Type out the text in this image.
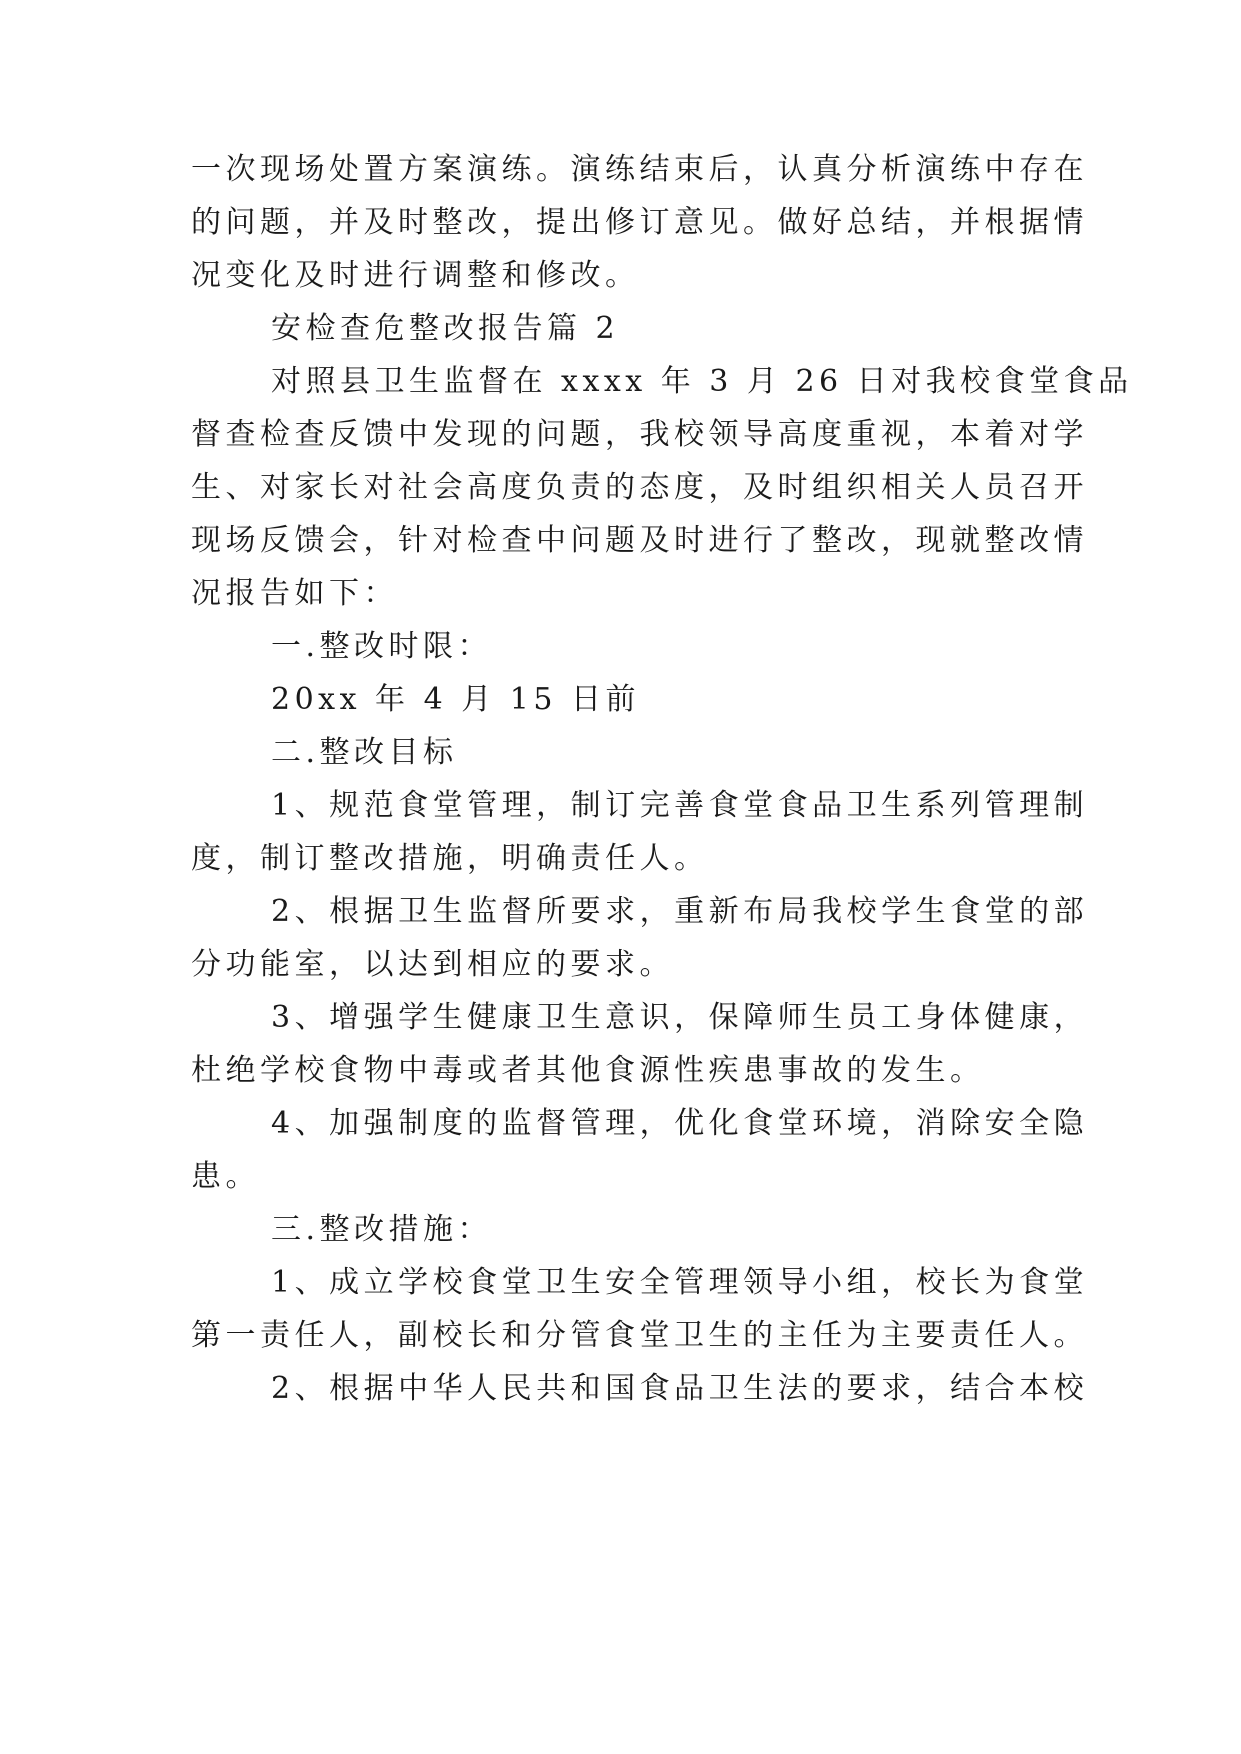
一次现场处置方案演练。演练结束后，认真分析演练中存在
的问题，并及时整改，提出修订意见。做好总结，并根据情
况变化及时进行调整和修改。
安检查危整改报告篇 2
对照县卫生监督在 xxxx 年 3 月 26 日对我校食堂食品
督查检查反馈中发现的问题，我校领导高度重视，本着对学
生、对家长对社会高度负责的态度，及时组织相关人员召开
现场反馈会，针对检查中问题及时进行了整改，现就整改情
况报告如下：
一.整改时限：
20xx 年 4 月 15 日前
二.整改目标
1、规范食堂管理，制订完善食堂食品卫生系列管理制
度，制订整改措施，明确责任人。
2、根据卫生监督所要求，重新布局我校学生食堂的部
分功能室，以达到相应的要求。
3、增强学生健康卫生意识，保障师生员工身体健康，
杜绝学校食物中毒或者其他食源性疾患事故的发生。
4、加强制度的监督管理，优化食堂环境，消除安全隐
患。
三.整改措施：
1、成立学校食堂卫生安全管理领导小组，校长为食堂
第一责任人，副校长和分管食堂卫生的主任为主要责任人。
2、根据中华人民共和国食品卫生法的要求，结合本校
